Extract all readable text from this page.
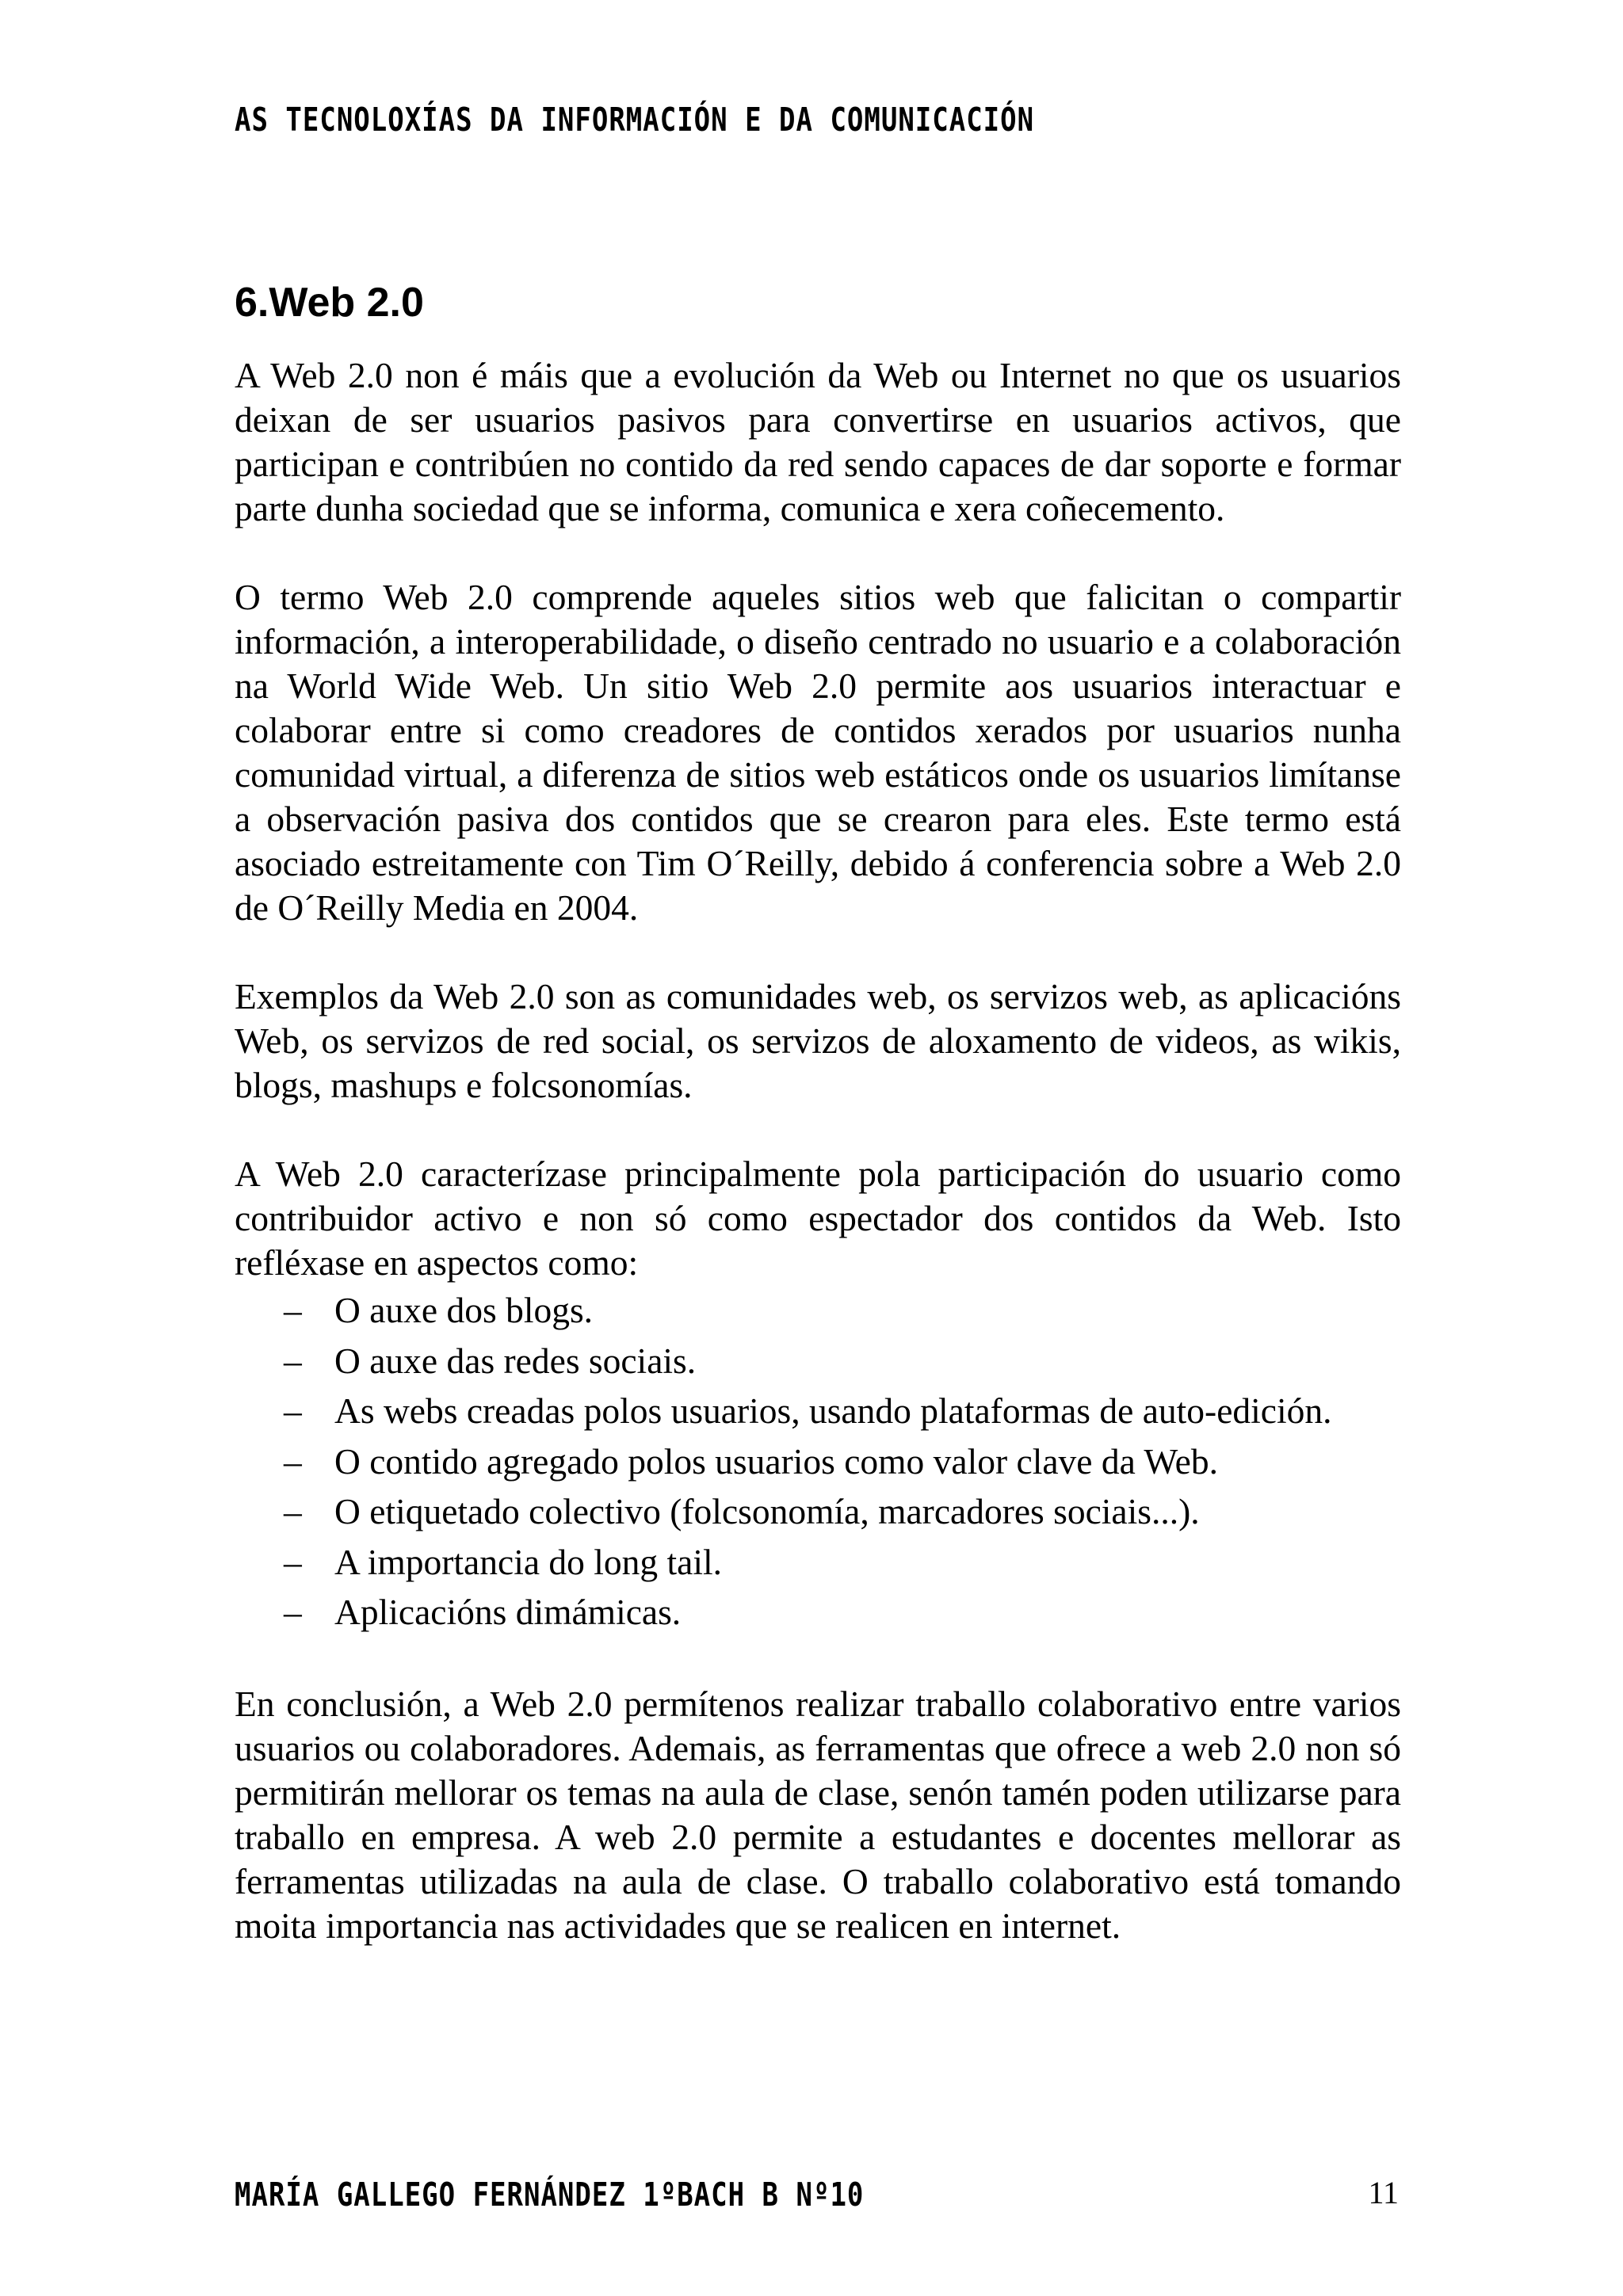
AS TECNOLOXÍAS DA INFORMACIÓN E DA COMUNICACIÓN
6.Web 2.0

A Web 2.0 non é máis que a evolución da Web ou Internet no que os usuarios deixan de ser usuarios pasivos para convertirse en usuarios activos, que participan e contribúen no contido da red sendo capaces de dar soporte e formar parte dunha sociedad que se informa, comunica e xera coñecemento.

O termo Web 2.0 comprende aqueles sitios web que falicitan o compartir información, a interoperabilidade, o diseño centrado no usuario e a colaboración na World Wide Web. Un sitio Web 2.0 permite aos usuarios interactuar e colaborar entre si como creadores de contidos xerados por usuarios nunha comunidad virtual, a diferenza de sitios web estáticos onde os usuarios limítanse a observación pasiva dos contidos que se crearon para eles. Este termo está asociado estreitamente con Tim O´Reilly, debido á conferencia sobre a Web 2.0 de O´Reilly Media en 2004.

Exemplos da Web 2.0 son as comunidades web, os servizos web, as aplicacións Web, os servizos de red social, os servizos de aloxamento de videos, as wikis, blogs, mashups e folcsonomías.

A Web 2.0 caracterízase principalmente pola participación do usuario como contribuidor activo e non só como espectador dos contidos da Web. Isto refléxase en aspectos como:

– O auxe dos blogs.
– O auxe das redes sociais.
– As webs creadas polos usuarios, usando plataformas de auto-edición.
– O contido agregado polos usuarios como valor clave da Web.
– O etiquetado colectivo (folcsonomía, marcadores sociais...).
– A importancia do long tail.
– Aplicacións dimámicas.

En conclusión, a Web 2.0 permítenos realizar traballo colaborativo entre varios usuarios ou colaboradores. Ademais, as ferramentas que ofrece a web 2.0 non só permitirán mellorar os temas na aula de clase, senón tamén poden utilizarse para traballo en empresa. A web 2.0 permite a estudantes e docentes mellorar as ferramentas utilizadas na aula de clase. O traballo colaborativo está tomando moita importancia nas actividades que se realicen en internet.

MARÍA GALLEGO FERNÁNDEZ 1ºBACH B Nº10	11
